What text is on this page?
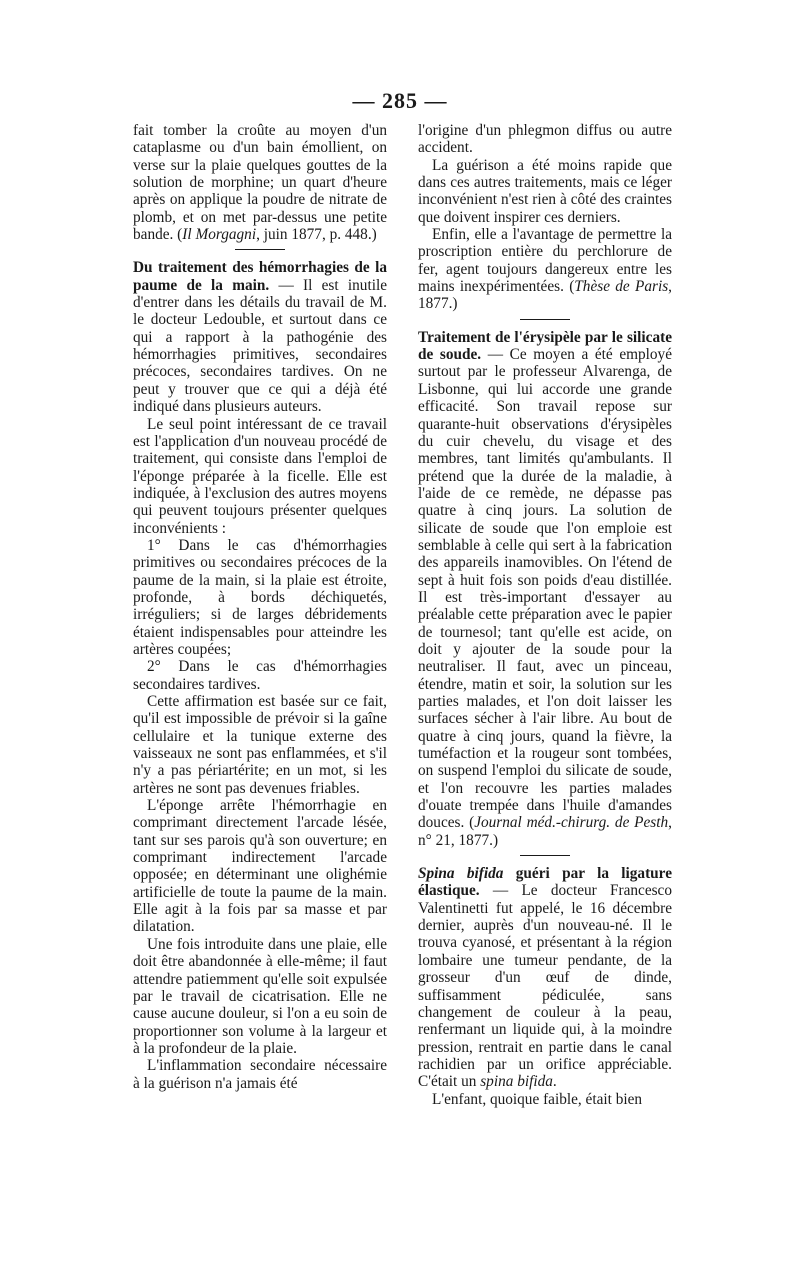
— 285 —

fait tomber la croûte au moyen d'un cataplasme ou d'un bain émollient, on verse sur la plaie quelques gouttes de la solution de morphine; un quart d'heure après on applique la poudre de nitrate de plomb, et on met par-dessus une petite bande. (Il Morgagni, juin 1877, p. 448.)

Du traitement des hémorrhagies de la paume de la main. — Il est inutile d'entrer dans les détails du travail de M. le docteur Ledouble, et surtout dans ce qui a rapport à la pathogénie des hémorrhagies primitives, secondaires précoces, secondaires tardives. On ne peut y trouver que ce qui a déjà été indiqué dans plusieurs auteurs.

Le seul point intéressant de ce travail est l'application d'un nouveau procédé de traitement, qui consiste dans l'emploi de l'éponge préparée à la ficelle. Elle est indiquée, à l'exclusion des autres moyens qui peuvent toujours présenter quelques inconvénients :

1° Dans le cas d'hémorrhagies primitives ou secondaires précoces de la paume de la main, si la plaie est étroite, profonde, à bords déchiquetés, irréguliers; si de larges débridements étaient indispensables pour atteindre les artères coupées;

2° Dans le cas d'hémorrhagies secondaires tardives.

Cette affirmation est basée sur ce fait, qu'il est impossible de prévoir si la gaîne cellulaire et la tunique externe des vaisseaux ne sont pas enflammées, et s'il n'y a pas périartérite; en un mot, si les artères ne sont pas devenues friables.

L'éponge arrête l'hémorrhagie en comprimant directement l'arcade lésée, tant sur ses parois qu'à son ouverture; en comprimant indirectement l'arcade opposée; en déterminant une olighémie artificielle de toute la paume de la main. Elle agit à la fois par sa masse et par dilatation.

Une fois introduite dans une plaie, elle doit être abandonnée à elle-même; il faut attendre patiemment qu'elle soit expulsée par le travail de cicatrisation. Elle ne cause aucune douleur, si l'on a eu soin de proportionner son volume à la largeur et à la profondeur de la plaie.

L'inflammation secondaire nécessaire à la guérison n'a jamais été

l'origine d'un phlegmon diffus ou autre accident.

La guérison a été moins rapide que dans ces autres traitements, mais ce léger inconvénient n'est rien à côté des craintes que doivent inspirer ces derniers.

Enfin, elle a l'avantage de permettre la proscription entière du perchlorure de fer, agent toujours dangereux entre les mains inexpérimentées. (Thèse de Paris, 1877.)

Traitement de l'érysipèle par le silicate de soude. — Ce moyen a été employé surtout par le professeur Alvarenga, de Lisbonne, qui lui accorde une grande efficacité. Son travail repose sur quarante-huit observations d'érysipèles du cuir chevelu, du visage et des membres, tant limités qu'ambulants. Il prétend que la durée de la maladie, à l'aide de ce remède, ne dépasse pas quatre à cinq jours. La solution de silicate de soude que l'on emploie est semblable à celle qui sert à la fabrication des appareils inamovibles. On l'étend de sept à huit fois son poids d'eau distillée. Il est très-important d'essayer au préalable cette préparation avec le papier de tournesol; tant qu'elle est acide, on doit y ajouter de la soude pour la neutraliser. Il faut, avec un pinceau, étendre, matin et soir, la solution sur les parties malades, et l'on doit laisser les surfaces sécher à l'air libre. Au bout de quatre à cinq jours, quand la fièvre, la tuméfaction et la rougeur sont tombées, on suspend l'emploi du silicate de soude, et l'on recouvre les parties malades d'ouate trempée dans l'huile d'amandes douces. (Journal méd.-chirurg. de Pesth, n° 21, 1877.)

Spina bifida guéri par la ligature élastique. — Le docteur Francesco Valentinetti fut appelé, le 16 décembre dernier, auprès d'un nouveau-né. Il le trouva cyanosé, et présentant à la région lombaire une tumeur pendante, de la grosseur d'un œuf de dinde, suffisamment pédiculée, sans changement de couleur à la peau, renfermant un liquide qui, à la moindre pression, rentrait en partie dans le canal rachidien par un orifice appréciable. C'était un spina bifida.

L'enfant, quoique faible, était bien
